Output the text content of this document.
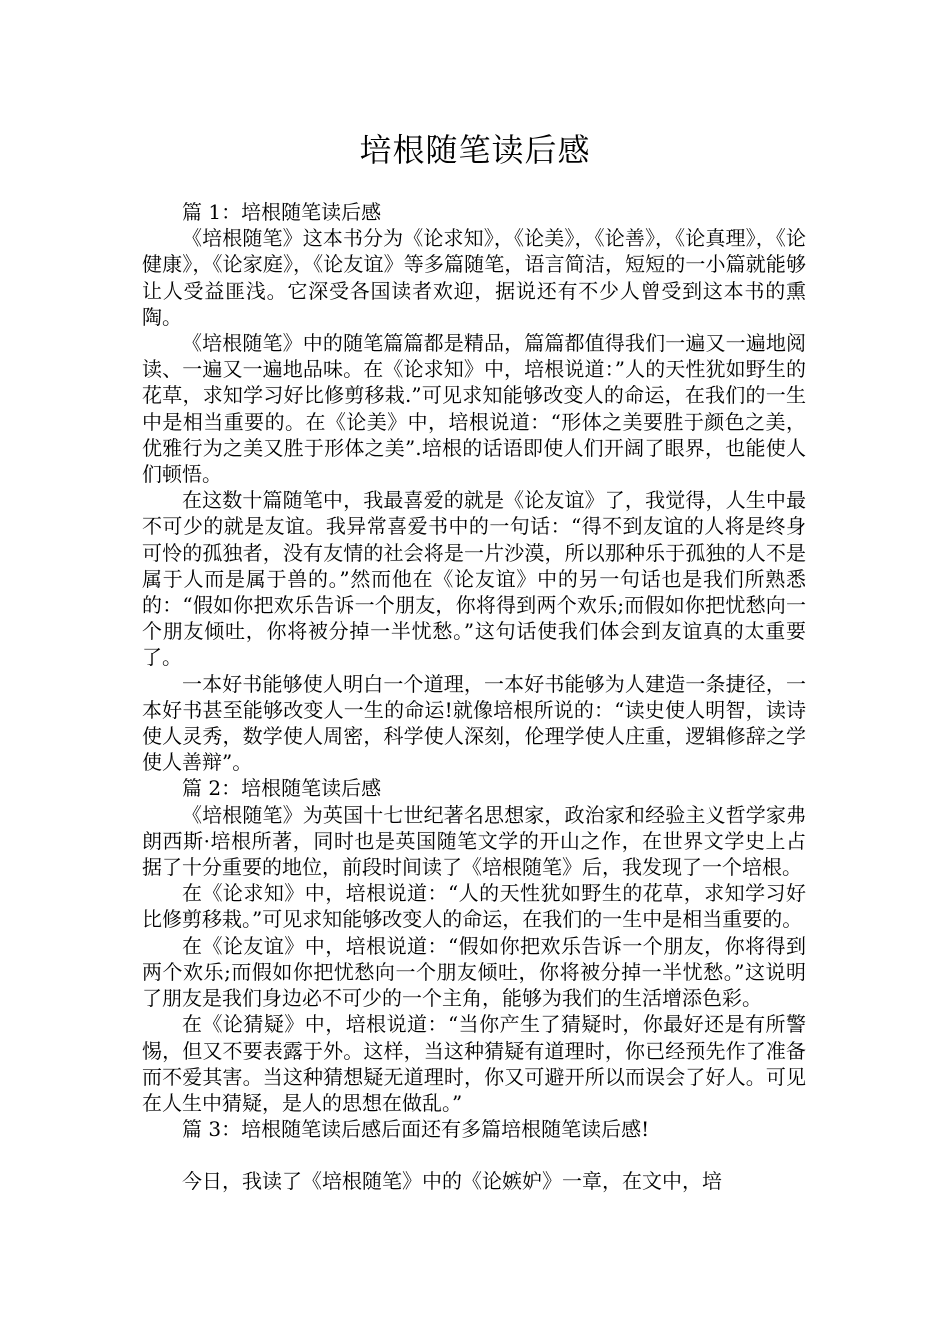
培根随笔读后感

篇 1：培根随笔读后感

《培根随笔》这本书分为《论求知》，《论美》，《论善》，《论真理》，《论健康》，《论家庭》，《论友谊》等多篇随笔，语言简洁，短短的一小篇就能够让人受益匪浅。它深受各国读者欢迎，据说还有不少人曾受到这本书的熏陶。

《培根随笔》中的随笔篇篇都是精品，篇篇都值得我们一遍又一遍地阅读、一遍又一遍地品味。在《论求知》中，培根说道：”人的天性犹如野生的花草，求知学习好比修剪移栽.”可见求知能够改变人的命运，在我们的一生中是相当重要的。在《论美》中，培根说道：“形体之美要胜于颜色之美，优雅行为之美又胜于形体之美”.培根的话语即使人们开阔了眼界，也能使人们顿悟。

在这数十篇随笔中，我最喜爱的就是《论友谊》了，我觉得，人生中最不可少的就是友谊。我异常喜爱书中的一句话：“得不到友谊的人将是终身可怜的孤独者，没有友情的社会将是一片沙漠，所以那种乐于孤独的人不是属于人而是属于兽的。”然而他在《论友谊》中的另一句话也是我们所熟悉的：“假如你把欢乐告诉一个朋友，你将得到两个欢乐;而假如你把忧愁向一个朋友倾吐，你将被分掉一半忧愁。”这句话使我们体会到友谊真的太重要了。

一本好书能够使人明白一个道理，一本好书能够为人建造一条捷径，一本好书甚至能够改变人一生的命运!就像培根所说的：“读史使人明智，读诗使人灵秀，数学使人周密，科学使人深刻，伦理学使人庄重，逻辑修辞之学使人善辩”。

篇 2：培根随笔读后感

《培根随笔》为英国十七世纪著名思想家，政治家和经验主义哲学家弗朗西斯·培根所著，同时也是英国随笔文学的开山之作，在世界文学史上占据了十分重要的地位，前段时间读了《培根随笔》后，我发现了一个培根。

在《论求知》中，培根说道：“人的天性犹如野生的花草，求知学习好比修剪移栽。”可见求知能够改变人的命运，在我们的一生中是相当重要的。

在《论友谊》中，培根说道：“假如你把欢乐告诉一个朋友，你将得到两个欢乐;而假如你把忧愁向一个朋友倾吐，你将被分掉一半忧愁。”这说明了朋友是我们身边必不可少的一个主角，能够为我们的生活增添色彩。

在《论猜疑》中，培根说道：“当你产生了猜疑时，你最好还是有所警惕，但又不要表露于外。这样，当这种猜疑有道理时，你已经预先作了准备而不爱其害。当这种猜想疑无道理时，你又可避开所以而误会了好人。可见在人生中猜疑，是人的思想在做乱。”

篇 3：培根随笔读后感后面还有多篇培根随笔读后感!

今日，我读了《培根随笔》中的《论嫉妒》一章，在文中，培
